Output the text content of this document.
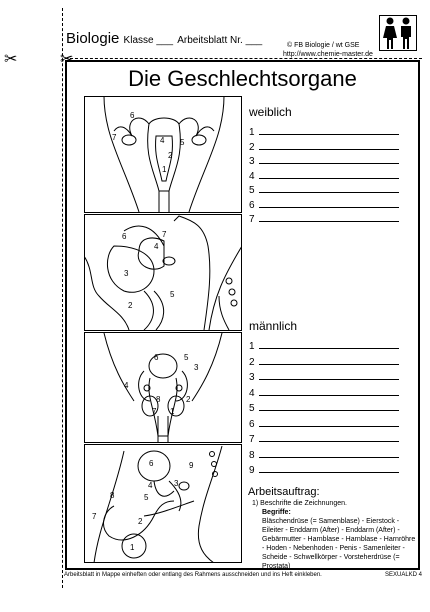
✂
✂
Biologie Klasse ___ Arbeitsblatt Nr. ___	© FB Biologie / wt GSE
http://www.chemie-master.de
Die Geschlechtsorgane
6
7	4 5
2
1
6	7
4
3
2
5
6	5
3
4
8	2
1
7
6	9
4	3
5
8
7
2
1
weiblich
1
2
3
4
5
6
7
männlich
1
2
3
4
5
6
7
8
9
Arbeitsauftrag:
1) Beschrifte die Zeichnungen.
Begriffe:
Bläschendrüse (= Samenblase) - Eierstock - Eileiter - Enddarm (After) - Enddarm (After) - Gebärmutter - Harnblase - Harnblase - Harnröhre - Hoden - Nebenhoden - Penis - Samenleiter - Scheide - Schwellkörper - Vorsteherdrüse (= Prostata)
Arbeitsblatt in Mappe einheften oder entlang des Rahmens ausschneiden und ins Heft einkleben.	SEXUALKD 4
